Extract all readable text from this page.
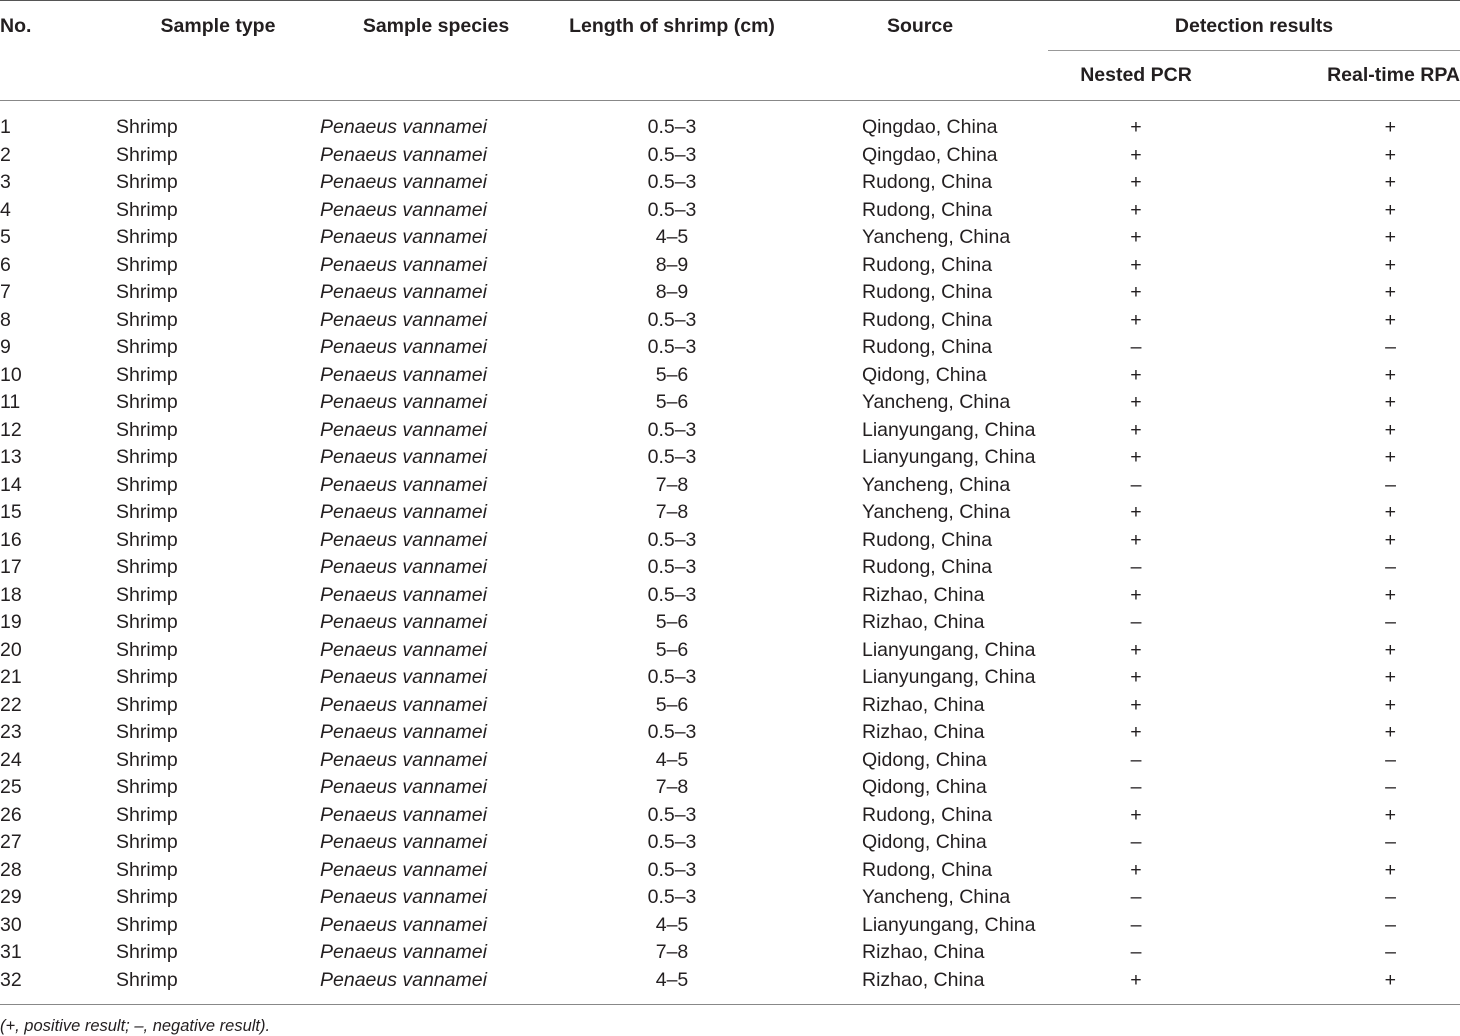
No.	Sample type	Sample species	Length of shrimp (cm)	Source	Detection results	

					Nested PCR	Real-time RPA
1	Shrimp	Penaeus vannamei	0.5–3	Qingdao, China	+	+
2	Shrimp	Penaeus vannamei	0.5–3	Qingdao, China	+	+
3	Shrimp	Penaeus vannamei	0.5–3	Rudong, China	+	+
4	Shrimp	Penaeus vannamei	0.5–3	Rudong, China	+	+
5	Shrimp	Penaeus vannamei	4–5	Yancheng, China	+	+
6	Shrimp	Penaeus vannamei	8–9	Rudong, China	+	+
7	Shrimp	Penaeus vannamei	8–9	Rudong, China	+	+
8	Shrimp	Penaeus vannamei	0.5–3	Rudong, China	+	+
9	Shrimp	Penaeus vannamei	0.5–3	Rudong, China	–	–
10	Shrimp	Penaeus vannamei	5–6	Qidong, China	+	+
11	Shrimp	Penaeus vannamei	5–6	Yancheng, China	+	+
12	Shrimp	Penaeus vannamei	0.5–3	Lianyungang, China	+	+
13	Shrimp	Penaeus vannamei	0.5–3	Lianyungang, China	+	+
14	Shrimp	Penaeus vannamei	7–8	Yancheng, China	–	–
15	Shrimp	Penaeus vannamei	7–8	Yancheng, China	+	+
16	Shrimp	Penaeus vannamei	0.5–3	Rudong, China	+	+
17	Shrimp	Penaeus vannamei	0.5–3	Rudong, China	–	–
18	Shrimp	Penaeus vannamei	0.5–3	Rizhao, China	+	+
19	Shrimp	Penaeus vannamei	5–6	Rizhao, China	–	–
20	Shrimp	Penaeus vannamei	5–6	Lianyungang, China	+	+
21	Shrimp	Penaeus vannamei	0.5–3	Lianyungang, China	+	+
22	Shrimp	Penaeus vannamei	5–6	Rizhao, China	+	+
23	Shrimp	Penaeus vannamei	0.5–3	Rizhao, China	+	+
24	Shrimp	Penaeus vannamei	4–5	Qidong, China	–	–
25	Shrimp	Penaeus vannamei	7–8	Qidong, China	–	–
26	Shrimp	Penaeus vannamei	0.5–3	Rudong, China	+	+
27	Shrimp	Penaeus vannamei	0.5–3	Qidong, China	–	–
28	Shrimp	Penaeus vannamei	0.5–3	Rudong, China	+	+
29	Shrimp	Penaeus vannamei	0.5–3	Yancheng, China	–	–
30	Shrimp	Penaeus vannamei	4–5	Lianyungang, China	–	–
31	Shrimp	Penaeus vannamei	7–8	Rizhao, China	–	–
32	Shrimp	Penaeus vannamei	4–5	Rizhao, China	+	+
(+, positive result; –, negative result).
